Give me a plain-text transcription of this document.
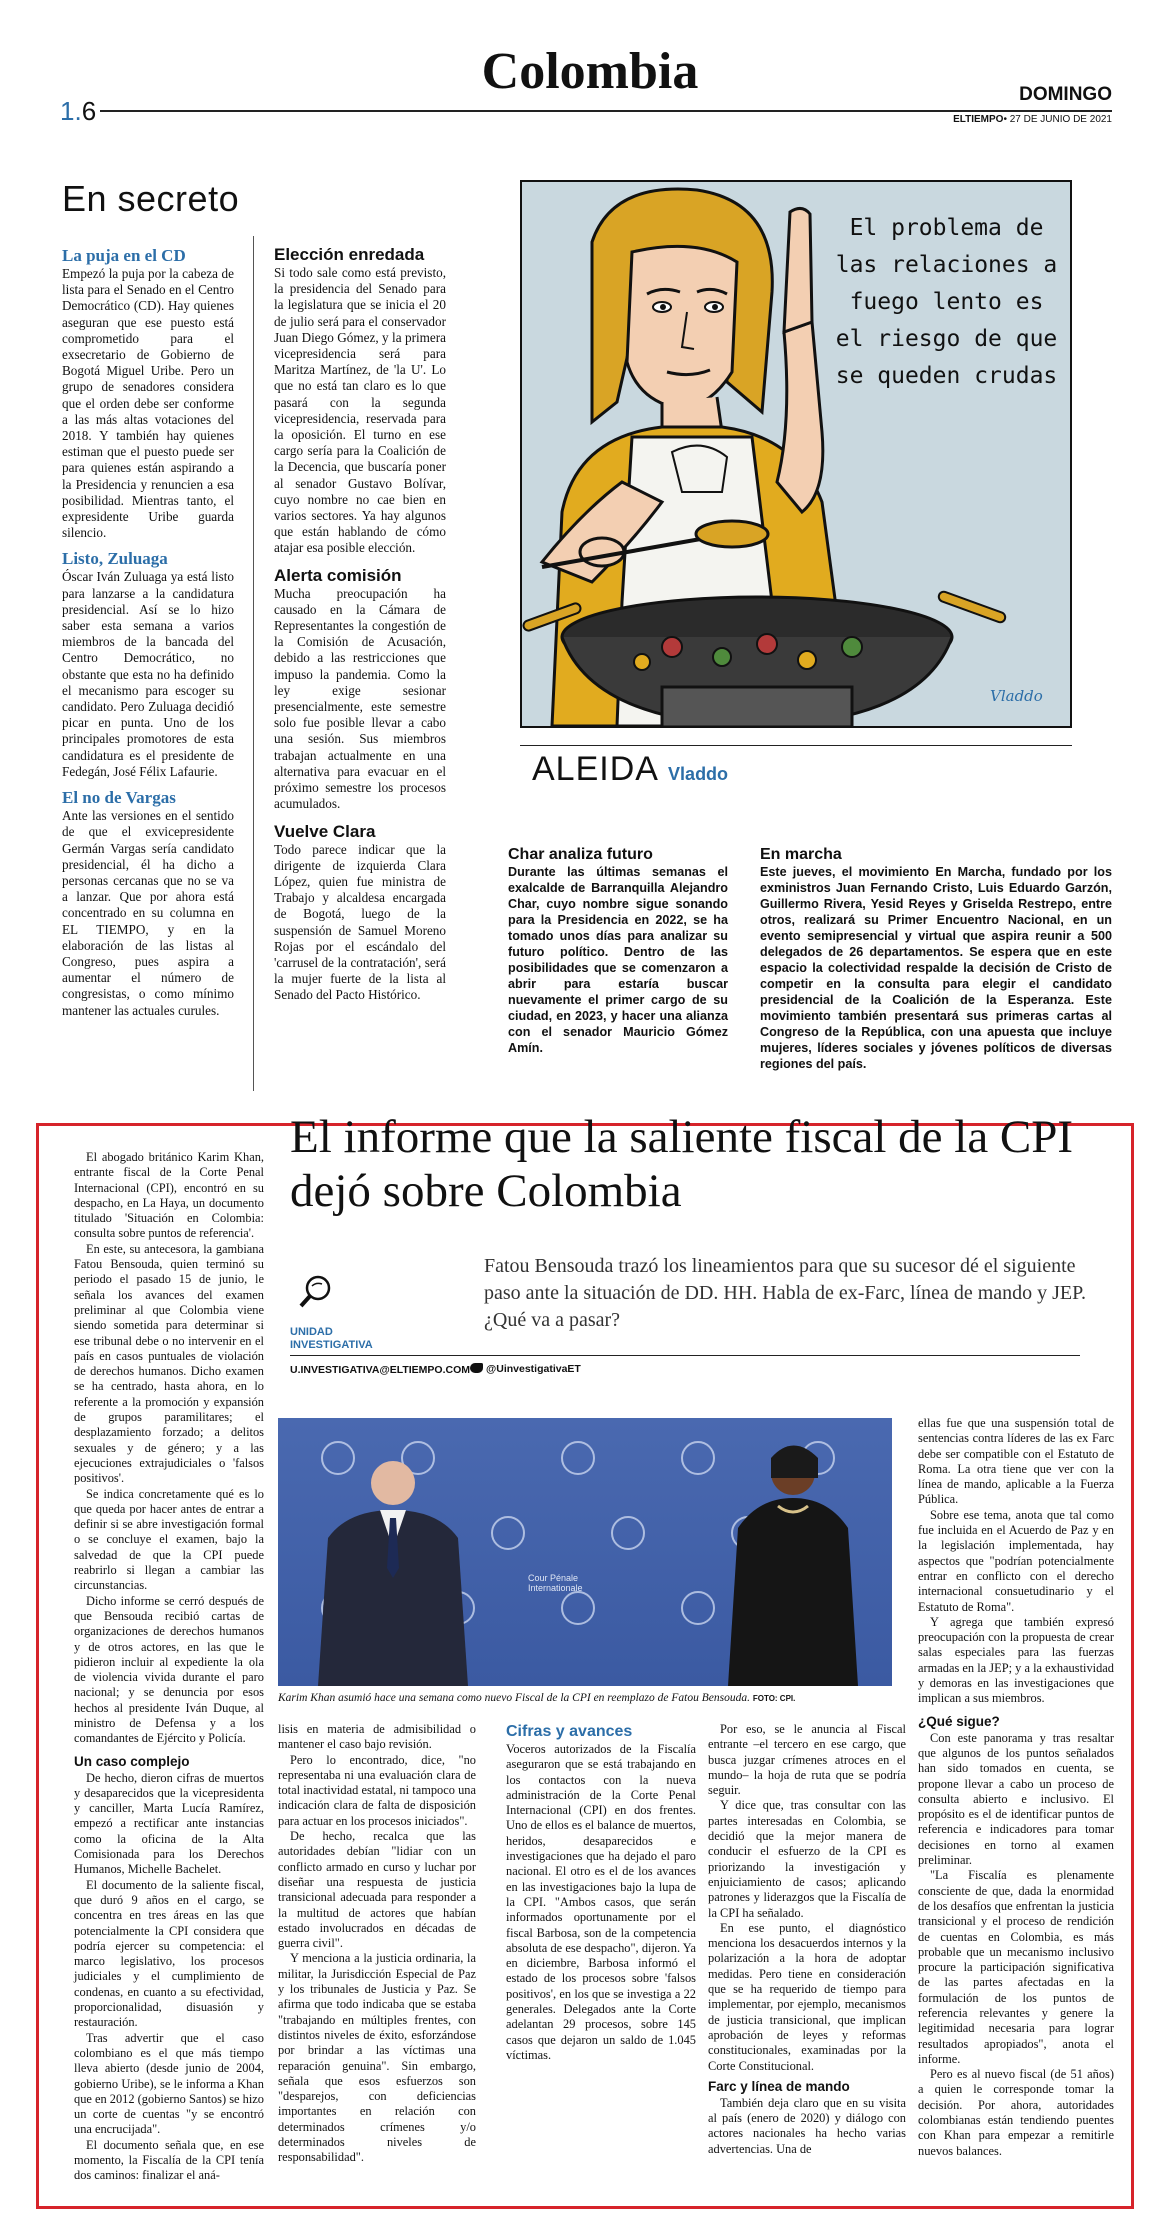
1.6
Colombia	DOMINGO
ELTIEMPO• 27 DE JUNIO DE 2021
En secreto
La puja en el CD

Empezó la puja por la cabeza de lista para el Senado en el Centro Democrático (CD). Hay quienes aseguran que ese puesto está comprometido para el exsecretario de Gobierno de Bogotá Miguel Uribe. Pero un grupo de senadores considera que el orden debe ser conforme a las más altas votaciones del 2018. Y también hay quienes estiman que el puesto puede ser para quienes están aspirando a la Presidencia y renuncien a esa posibilidad. Mientras tanto, el expresidente Uribe guarda silencio.

Listo, Zuluaga

Óscar Iván Zuluaga ya está listo para lanzarse a la candidatura presidencial. Así se lo hizo saber esta semana a varios miembros de la bancada del Centro Democrático, no obstante que esta no ha definido el mecanismo para escoger su candidato. Pero Zuluaga decidió picar en punta. Uno de los principales promotores de esta candidatura es el presidente de Fedegán, José Félix Lafaurie.

El no de Vargas

Ante las versiones en el sentido de que el exvicepresidente Germán Vargas sería candidato presidencial, él ha dicho a personas cercanas que no se va a lanzar. Que por ahora está concentrado en su columna en EL TIEMPO, y en la elaboración de las listas al Congreso, pues aspira a aumentar el número de congresistas, o como mínimo mantener las actuales curules.

Elección enredada

Si todo sale como está previsto, la presidencia del Senado para la legislatura que se inicia el 20 de julio será para el conservador Juan Diego Gómez, y la primera vicepresidencia será para Maritza Martínez, de 'la U'. Lo que no está tan claro es lo que pasará con la segunda vicepresidencia, reservada para la oposición. El turno en ese cargo sería para la Coalición de la Decencia, que buscaría poner al senador Gustavo Bolívar, cuyo nombre no cae bien en varios sectores. Ya hay algunos que están hablando de cómo atajar esa posible elección.

Alerta comisión

Mucha preocupación ha causado en la Cámara de Representantes la congestión de la Comisión de Acusación, debido a las restricciones que impuso la pandemia. Como la ley exige sesionar presencialmente, este semestre solo fue posible llevar a cabo una sesión. Sus miembros trabajan actualmente en una alternativa para evacuar en el próximo semestre los procesos acumulados.

Vuelve Clara

Todo parece indicar que la dirigente de izquierda Clara López, quien fue ministra de Trabajo y alcaldesa encargada de Bogotá, luego de la suspensión de Samuel Moreno Rojas por el escándalo del 'carrusel de la contratación', será la mujer fuerte de la lista al Senado del Pacto Histórico.

El problema de las relaciones a fuego lento es el riesgo de que se queden crudas
Vladdo
ALEIDA Vladdo
Char analiza futuro
Durante las últimas semanas el exalcalde de Barranquilla Alejandro Char, cuyo nombre sigue sonando para la Presidencia en 2022, se ha tomado unos días para analizar su futuro político. Dentro de las posibilidades que se comenzaron a abrir para estaría buscar nuevamente el primer cargo de su ciudad, en 2023, y hacer una alianza con el senador Mauricio Gómez Amín.
En marcha
Este jueves, el movimiento En Marcha, fundado por los exministros Juan Fernando Cristo, Luis Eduardo Garzón, Guillermo Rivera, Yesid Reyes y Griselda Restrepo, entre otros, realizará su Primer Encuentro Nacional, en un evento semipresencial y virtual que aspira reunir a 500 delegados de 26 departamentos. Se espera que en este espacio la colectividad respalde la decisión de Cristo de competir en la consulta para elegir el candidato presidencial de la Coalición de la Esperanza. Este movimiento también presentará sus primeras cartas al Congreso de la República, con una apuesta que incluye mujeres, líderes sociales y jóvenes políticos de diversas regiones del país.
El informe que la saliente fiscal de la CPI dejó sobre Colombia
Fatou Bensouda trazó los lineamientos para que su sucesor dé el siguiente paso ante la situación de DD. HH. Habla de ex-Farc, línea de mando y JEP. ¿Qué va a pasar?
UNIDAD
INVESTIGATIVA
U.INVESTIGATIVA@ELTIEMPO.COM	@UinvestigativaET
Cour Pénale Internationale
Karim Khan asumió hace una semana como nuevo Fiscal de la CPI en reemplazo de Fatou Bensouda. FOTO: CPI.

El abogado británico Karim Khan, entrante fiscal de la Corte Penal Internacional (CPI), encontró en su despacho, en La Haya, un documento titulado 'Situación en Colombia: consulta sobre puntos de referencia'.

En este, su antecesora, la gambiana Fatou Bensouda, quien terminó su periodo el pasado 15 de junio, le señala los avances del examen preliminar al que Colombia viene siendo sometida para determinar si ese tribunal debe o no intervenir en el país en casos puntuales de violación de derechos humanos. Dicho examen se ha centrado, hasta ahora, en lo referente a la promoción y expansión de grupos paramilitares; el desplazamiento forzado; a delitos sexuales y de género; y a las ejecuciones extrajudiciales o 'falsos positivos'.

Se indica concretamente qué es lo que queda por hacer antes de entrar a definir si se abre investigación formal o se concluye el examen, bajo la salvedad de que la CPI puede reabrirlo si llegan a cambiar las circunstancias.

Dicho informe se cerró después de que Bensouda recibió cartas de organizaciones de derechos humanos y de otros actores, en las que le pidieron incluir al expediente la ola de violencia vivida durante el paro nacional; y se denuncia por esos hechos al presidente Iván Duque, al ministro de Defensa y a los comandantes de Ejército y Policía.

Un caso complejo

De hecho, dieron cifras de muertos y desaparecidos que la vicepresidenta y canciller, Marta Lucía Ramírez, empezó a rectificar ante instancias como la oficina de la Alta Comisionada para los Derechos Humanos, Michelle Bachelet.

El documento de la saliente fiscal, que duró 9 años en el cargo, se concentra en tres áreas en las que potencialmente la CPI considera que podría ejercer su competencia: el marco legislativo, los procesos judiciales y el cumplimiento de condenas, en cuanto a su efectividad, proporcionalidad, disuasión y restauración.

Tras advertir que el caso colombiano es el que más tiempo lleva abierto (desde junio de 2004, gobierno Uribe), se le informa a Khan que en 2012 (gobierno Santos) se hizo un corte de cuentas "y se encontró una encrucijada".

El documento señala que, en ese momento, la Fiscalía de la CPI tenía dos caminos: finalizar el aná-

lisis en materia de admisibilidad o mantener el caso bajo revisión.

Pero lo encontrado, dice, "no representaba ni una evaluación clara de total inactividad estatal, ni tampoco una indicación clara de falta de disposición para actuar en los procesos iniciados".

De hecho, recalca que las autoridades debían "lidiar con un conflicto armado en curso y luchar por diseñar una respuesta de justicia transicional adecuada para responder a la multitud de actores que habían estado involucrados en décadas de guerra civil".

Y menciona a la justicia ordinaria, la militar, la Jurisdicción Especial de Paz y los tribunales de Justicia y Paz. Se afirma que todo indicaba que se estaba "trabajando en múltiples frentes, con distintos niveles de éxito, esforzándose por brindar a las víctimas una reparación genuina". Sin embargo, señala que esos esfuerzos son "desparejos, con deficiencias importantes en relación con determinados crímenes y/o determinados niveles de responsabilidad".

Cifras y avances

Voceros autorizados de la Fiscalía aseguraron que se está trabajando en los contactos con la nueva administración de la Corte Penal Internacional (CPI) en dos frentes. Uno de ellos es el balance de muertos, heridos, desaparecidos e investigaciones que ha dejado el paro nacional. El otro es el de los avances en las investigaciones bajo la lupa de la CPI. "Ambos casos, que serán informados oportunamente por el fiscal Barbosa, son de la competencia absoluta de ese despacho", dijeron. Ya en diciembre, Barbosa informó el estado de los procesos sobre 'falsos positivos', en los que se investiga a 22 generales. Delegados ante la Corte adelantan 29 procesos, sobre 145 casos que dejaron un saldo de 1.045 víctimas.

Por eso, se le anuncia al Fiscal entrante –el tercero en ese cargo, que busca juzgar crímenes atroces en el mundo– la hoja de ruta que se podría seguir.

Y dice que, tras consultar con las partes interesadas en Colombia, se decidió que la mejor manera de conducir el esfuerzo de la CPI es priorizando la investigación y enjuiciamiento de casos; aplicando patrones y liderazgos que la Fiscalía de la CPI ha señalado.

En ese punto, el diagnóstico menciona los desacuerdos internos y la polarización a la hora de adoptar medidas. Pero tiene en consideración que se ha requerido de tiempo para implementar, por ejemplo, mecanismos de justicia transicional, que implican aprobación de leyes y reformas constitucionales, examinadas por la Corte Constitucional.

Farc y línea de mando

También deja claro que en su visita al país (enero de 2020) y diálogo con actores nacionales ha hecho varias advertencias. Una de

ellas fue que una suspensión total de sentencias contra líderes de las ex Farc debe ser compatible con el Estatuto de Roma. La otra tiene que ver con la línea de mando, aplicable a la Fuerza Pública.

Sobre ese tema, anota que tal como fue incluida en el Acuerdo de Paz y en la legislación implementada, hay aspectos que "podrían potencialmente entrar en conflicto con el derecho internacional consuetudinario y el Estatuto de Roma".

Y agrega que también expresó preocupación con la propuesta de crear salas especiales para las fuerzas armadas en la JEP; y a la exhaustividad y demoras en las investigaciones que implican a sus miembros.

¿Qué sigue?

Con este panorama y tras resaltar que algunos de los puntos señalados han sido tomados en cuenta, se propone llevar a cabo un proceso de consulta abierto e inclusivo. El propósito es el de identificar puntos de referencia e indicadores para tomar decisiones en torno al examen preliminar.

"La Fiscalía es plenamente consciente de que, dada la enormidad de los desafíos que enfrentan la justicia transicional y el proceso de rendición de cuentas en Colombia, es más probable que un mecanismo inclusivo procure la participación significativa de las partes afectadas en la formulación de los puntos de referencia relevantes y genere la legitimidad necesaria para lograr resultados apropiados", anota el informe.

Pero es al nuevo fiscal (de 51 años) a quien le corresponde tomar la decisión. Por ahora, autoridades colombianas están tendiendo puentes con Khan para empezar a remitirle nuevos balances.
